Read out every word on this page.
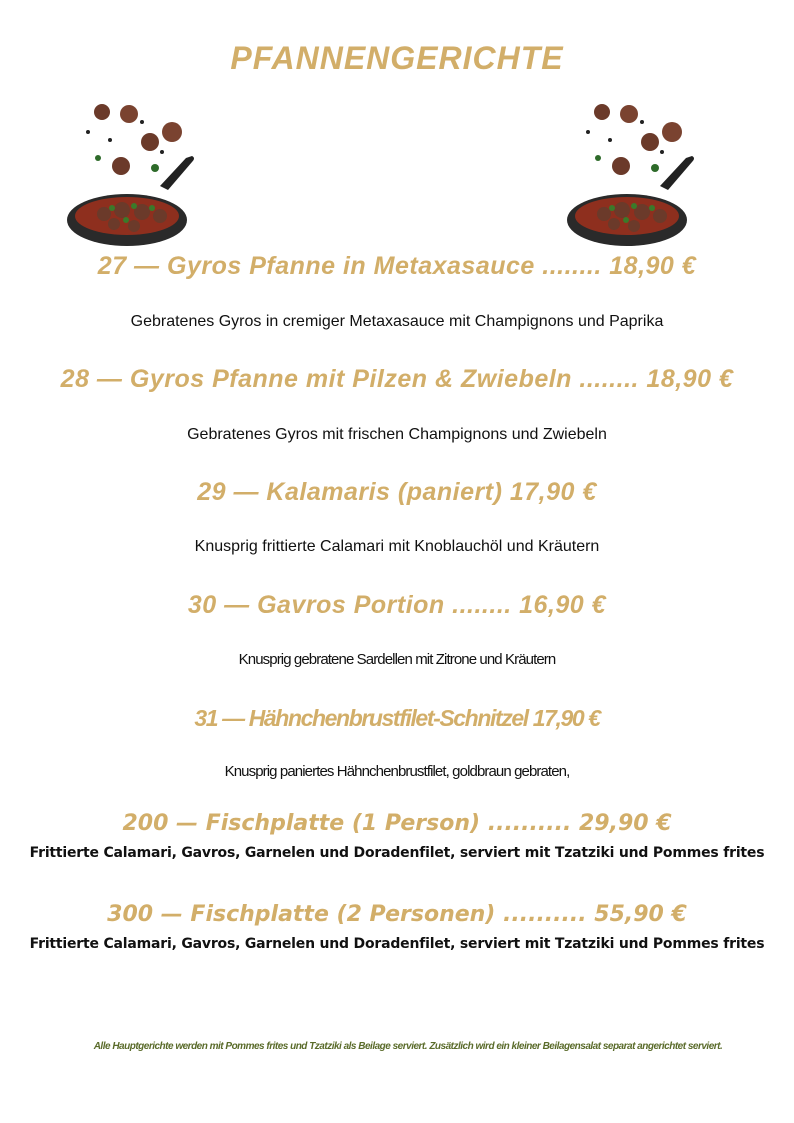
PFANNENGERICHTE
27 — Gyros Pfanne in Metaxasauce ........ 18,90 €
Gebratenes Gyros in cremiger Metaxasauce mit Champignons und Paprika
28 — Gyros Pfanne mit Pilzen & Zwiebeln ........ 18,90 €
Gebratenes Gyros mit frischen Champignons und Zwiebeln
29 — Kalamaris (paniert) 17,90 €
Knusprig frittierte Calamari mit Knoblauchöl und Kräutern
30 — Gavros Portion ........ 16,90 €
Knusprig gebratene Sardellen mit Zitrone und Kräutern
31 — Hähnchenbrustfilet-Schnitzel 17,90 €
Knusprig paniertes Hähnchenbrustfilet, goldbraun gebraten,
200 — Fischplatte (1 Person) .......... 29,90 €
Frittierte Calamari, Gavros, Garnelen und Doradenfilet, serviert mit Tzatziki und Pommes frites
300 — Fischplatte (2 Personen) .......... 55,90 €
Frittierte Calamari, Gavros, Garnelen und Doradenfilet, serviert mit Tzatziki und Pommes frites
Alle Hauptgerichte werden mit Pommes frites und Tzatziki als Beilage serviert. Zusätzlich wird ein kleiner Beilagensalat separat angerichtet serviert.
